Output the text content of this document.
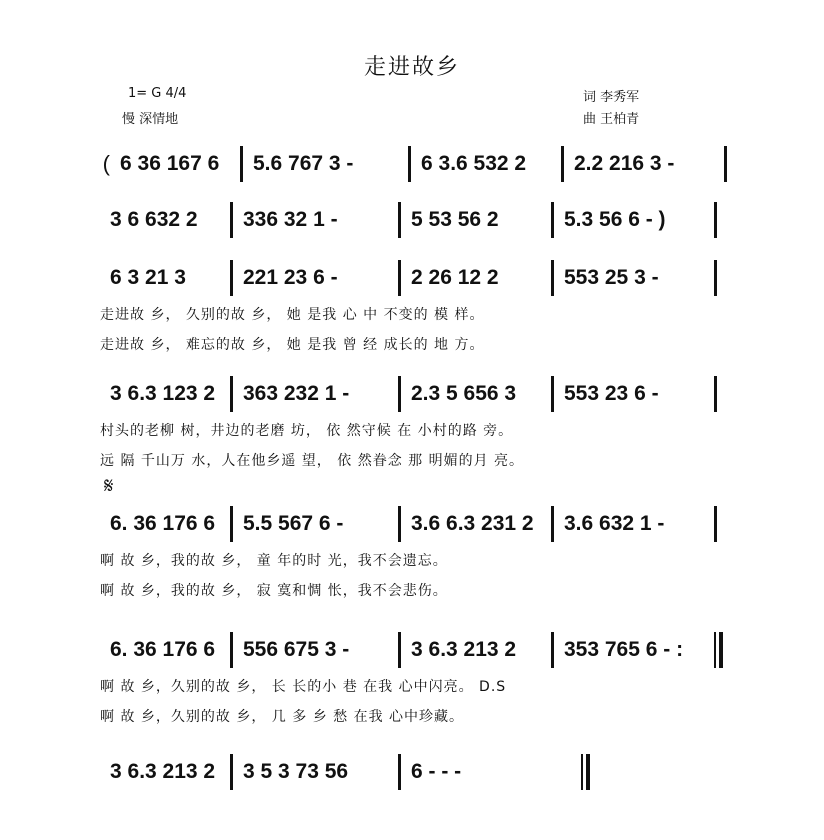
走进故乡
1= G 4/4
慢 深情地
词 李秀军
曲 王柏青
( 6 36 167 6 5.6 767 3 -	6 3.6 532 2 2.2 216 3 -
3 6 632 2 336 32 1 -	5 53 56 2	5.3 56 6 - )
6 3 21 3	221 23 6 -	2 26 12 2	553 25 3 -
走进故 乡， 久别的故 乡， 她 是我 心 中 不变的 模 样。
走进故 乡， 难忘的故 乡， 她 是我 曾 经 成长的 地 方。
3 6.3 123 2 363 232 1 -	2.3 5 656 3 553 23 6 -
村头的老柳 树，井边的老磨 坊， 依 然守候 在 小村的路 旁。
远 隔 千山万 水，人在他乡遥 望， 依 然眷念 那 明媚的月 亮。
𝄋
6. 36 176 6 5.5 567 6 -	3.6 6.3 231 2 3.6 632 1 -
啊 故 乡，我的故 乡， 童 年的时 光，我不会遗忘。
啊 故 乡，我的故 乡， 寂 寞和惆 怅，我不会悲伤。
6. 36 176 6 556 675 3 -	3 6.3 213 2 353 765 6 - :
啊 故 乡，久别的故 乡， 长 长的小 巷 在我 心中闪亮。 D.S
啊 故 乡，久别的故 乡， 几 多 乡 愁 在我 心中珍藏。
3 6.3 213 2 3 5 3 73 56	6 - - -
